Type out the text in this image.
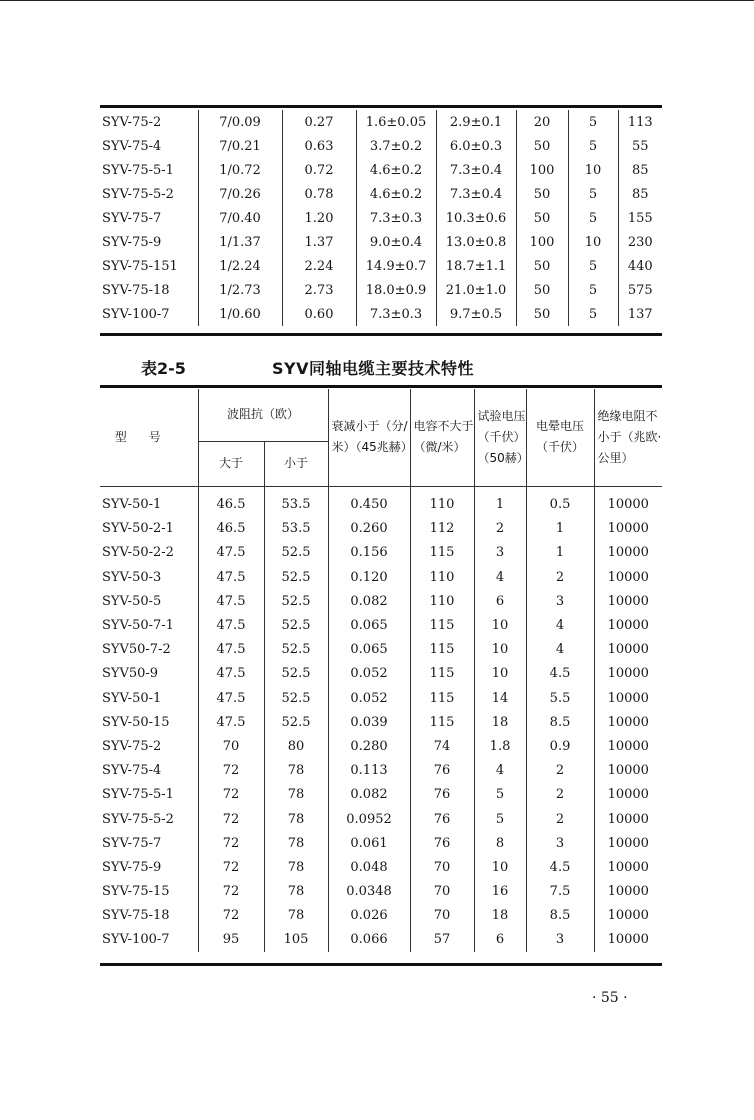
SYV-75-2	7/0.09	0.27	1.6±0.05	2.9±0.1	20	5	113
SYV-75-4	7/0.21	0.63	3.7±0.2	6.0±0.3	50	5	55
SYV-75-5-1	1/0.72	0.72	4.6±0.2	7.3±0.4	100	10	85
SYV-75-5-2	7/0.26	0.78	4.6±0.2	7.3±0.4	50	5	85
SYV-75-7	7/0.40	1.20	7.3±0.3	10.3±0.6	50	5	155
SYV-75-9	1/1.37	1.37	9.0±0.4	13.0±0.8	100	10	230
SYV-75-151	1/2.24	2.24	14.9±0.7	18.7±1.1	50	5	440
SYV-75-18	1/2.73	2.73	18.0±0.9	21.0±1.0	50	5	575
SYV-100-7	1/0.60	0.60	7.3±0.3	9.7±0.5	50	5	137
表2-5	SYV同轴电缆主要技术特性
型号	波阻抗（欧）		衰减小于（分/米）（45兆赫）	电容不大于（微/米）	试验电压（千伏）（50赫）	电晕电压（千伏）	绝缘电阻不小于（兆欧·公里）
	大于	小于					
SYV-50-1	46.5	53.5	0.450	110	1	0.5	10000
SYV-50-2-1	46.5	53.5	0.260	112	2	1	10000
SYV-50-2-2	47.5	52.5	0.156	115	3	1	10000
SYV-50-3	47.5	52.5	0.120	110	4	2	10000
SYV-50-5	47.5	52.5	0.082	110	6	3	10000
SYV-50-7-1	47.5	52.5	0.065	115	10	4	10000
SYV50-7-2	47.5	52.5	0.065	115	10	4	10000
SYV50-9	47.5	52.5	0.052	115	10	4.5	10000
SYV-50-1	47.5	52.5	0.052	115	14	5.5	10000
SYV-50-15	47.5	52.5	0.039	115	18	8.5	10000
SYV-75-2	70	80	0.280	74	1.8	0.9	10000
SYV-75-4	72	78	0.113	76	4	2	10000
SYV-75-5-1	72	78	0.082	76	5	2	10000
SYV-75-5-2	72	78	0.0952	76	5	2	10000
SYV-75-7	72	78	0.061	76	8	3	10000
SYV-75-9	72	78	0.048	70	10	4.5	10000
SYV-75-15	72	78	0.0348	70	16	7.5	10000
SYV-75-18	72	78	0.026	70	18	8.5	10000
SYV-100-7	95	105	0.066	57	6	3	10000
· 55 ·
